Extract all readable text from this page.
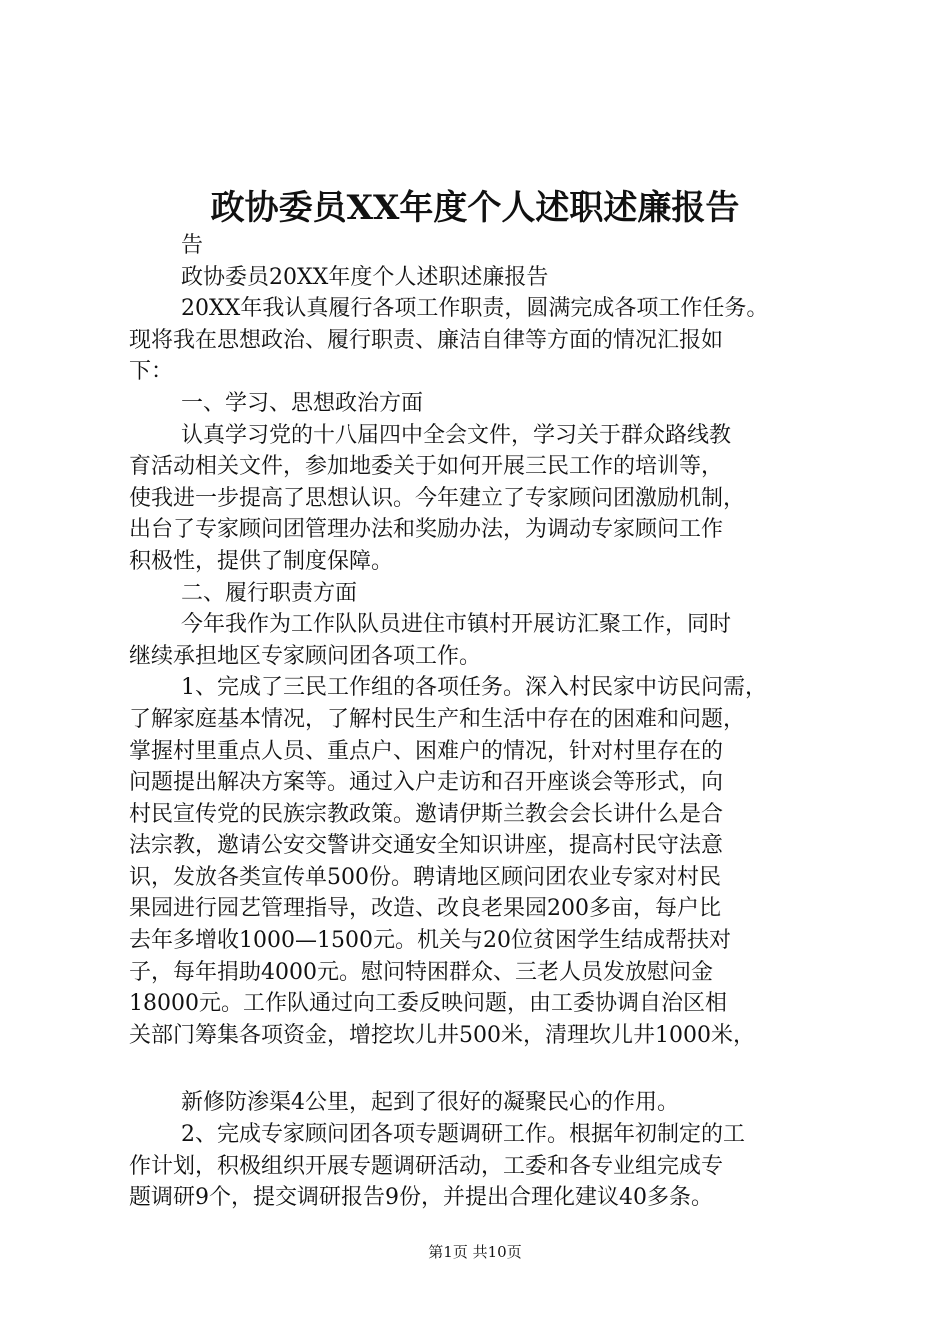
政协委员XX年度个人述职述廉报告
告
政协委员20XX年度个人述职述廉报告
20XX年我认真履行各项工作职责，圆满完成各项工作任务。
现将我在思想政治、履行职责、廉洁自律等方面的情况汇报如
下：
一、学习、思想政治方面
认真学习党的十八届四中全会文件，学习关于群众路线教
育活动相关文件，参加地委关于如何开展三民工作的培训等，
使我进一步提高了思想认识。今年建立了专家顾问团激励机制，
出台了专家顾问团管理办法和奖励办法，为调动专家顾问工作
积极性，提供了制度保障。
二、履行职责方面
今年我作为工作队队员进住市镇村开展访汇聚工作，同时
继续承担地区专家顾问团各项工作。
1、完成了三民工作组的各项任务。深入村民家中访民问需，
了解家庭基本情况，了解村民生产和生活中存在的困难和问题，
掌握村里重点人员、重点户、困难户的情况，针对村里存在的
问题提出解决方案等。通过入户走访和召开座谈会等形式，向
村民宣传党的民族宗教政策。邀请伊斯兰教会会长讲什么是合
法宗教，邀请公安交警讲交通安全知识讲座，提高村民守法意
识，发放各类宣传单500份。聘请地区顾问团农业专家对村民
果园进行园艺管理指导，改造、改良老果园200多亩，每户比
去年多增收1000—1500元。机关与20位贫困学生结成帮扶对
子，每年捐助4000元。慰问特困群众、三老人员发放慰问金
18000元。工作队通过向工委反映问题，由工委协调自治区相
关部门筹集各项资金，增挖坎儿井500米，清理坎儿井1000米，
新修防渗渠4公里，起到了很好的凝聚民心的作用。
2、完成专家顾问团各项专题调研工作。根据年初制定的工
作计划，积极组织开展专题调研活动，工委和各专业组完成专
题调研9个，提交调研报告9份，并提出合理化建议40多条。
第1页 共10页
